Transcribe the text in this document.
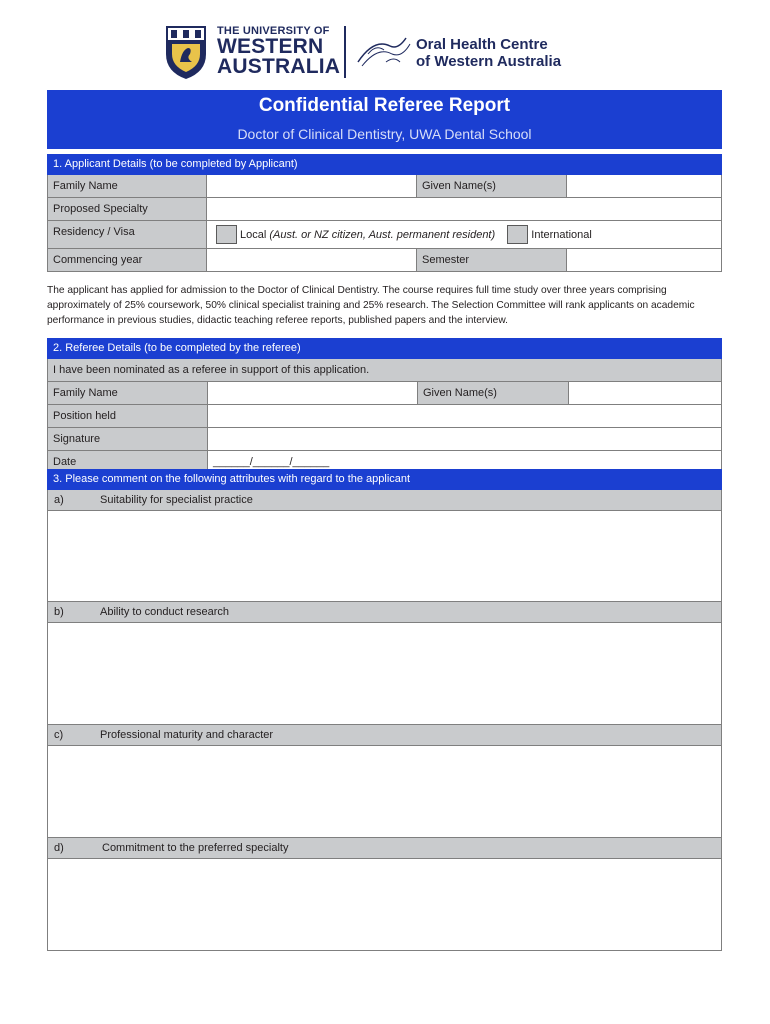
THE UNIVERSITY OF
WESTERN
AUSTRALIA
Oral Health Centre
of Western Australia
Confidential Referee Report
Doctor of Clinical Dentistry, UWA Dental School
1. Applicant Details (to be completed by Applicant)
Family Name	Given Name(s)
Proposed Specialty
Residency / Visa	Local (Aust. or NZ citizen, Aust. permanent resident)	International
Commencing year	Semester
The applicant has applied for admission to the Doctor of Clinical Dentistry. The course requires full time study over three years comprising approximately of 25% coursework, 50% clinical specialist training and 25% research. The Selection Committee will rank applicants on academic performance in previous studies, didactic teaching referee reports, published papers and the interview.
2. Referee Details (to be completed by the referee)
I have been nominated as a referee in support of this application.
Family Name	Given Name(s)
Position held
Signature
Date	______/______/______
3. Please comment on the following attributes with regard to the applicant
a)	Suitability for specialist practice
b)	Ability to conduct research
c)	Professional maturity and character
d)	Commitment to the preferred specialty
